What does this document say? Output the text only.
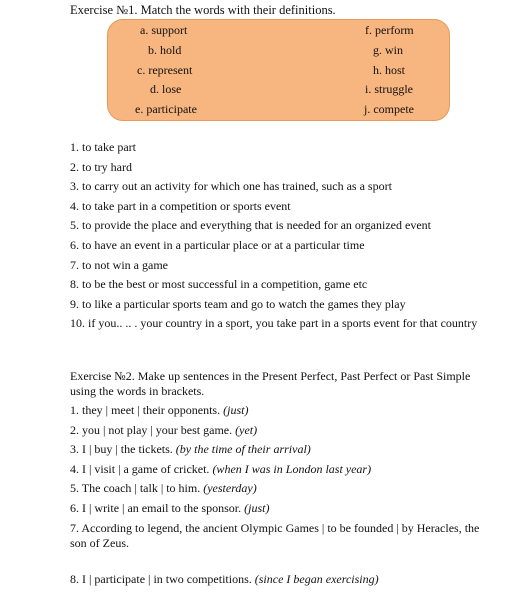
Exercise №1. Match the words with their definitions.
a. support
b. hold
c. represent
d. lose
e. participate
f. perform
g. win
h. host
i. struggle
j. compete
1. to take part
2. to try hard
3. to carry out an activity for which one has trained, such as a sport
4. to take part in a competition or sports event
5. to provide the place and everything that is needed for an organized event
6. to have an event in a particular place or at a particular time
7. to not win a game
8. to be the best or most successful in a competition, game etc
9. to like a particular sports team and go to watch the games they play
10. if you.. .. . your country in a sport, you take part in a sports event for that country
Exercise №2. Make up sentences in the Present Perfect, Past Perfect or Past Simple using the words in brackets.
1. they | meet | their opponents. (just)
2. you | not play | your best game. (yet)
3. I | buy | the tickets. (by the time of their arrival)
4. I | visit | a game of cricket. (when I was in London last year)
5. The coach | talk | to him. (yesterday)
6. I | write | an email to the sponsor. (just)
7. According to legend, the ancient Olympic Games | to be founded | by Heracles, the son of Zeus.
8. I | participate | in two competitions. (since I began exercising)
